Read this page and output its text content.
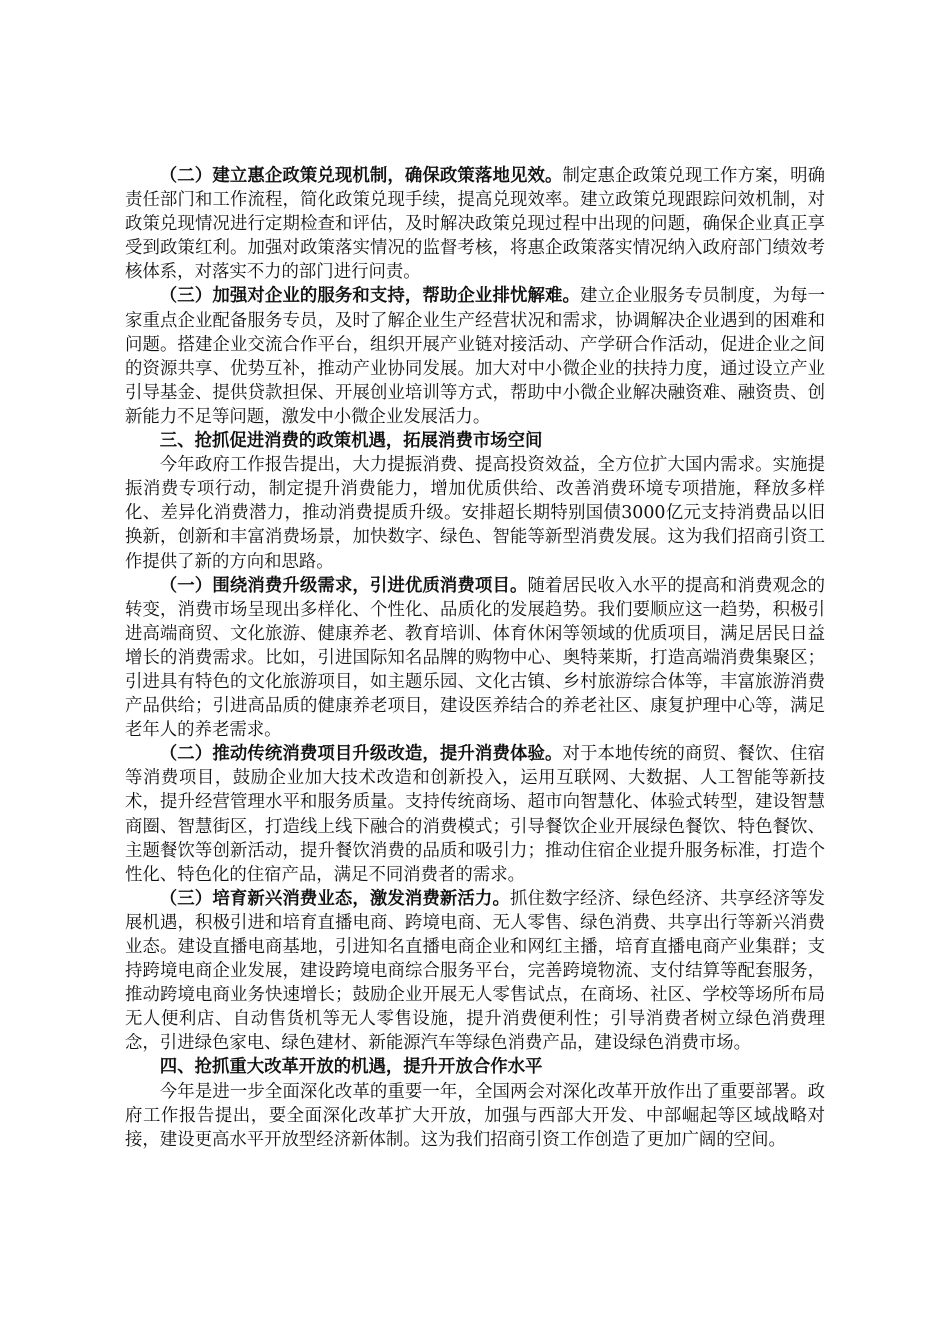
（二）建立惠企政策兑现机制，确保政策落地见效。制定惠企政策兑现工作方案，明确责任部门和工作流程，简化政策兑现手续，提高兑现效率。建立政策兑现跟踪问效机制，对政策兑现情况进行定期检查和评估，及时解决政策兑现过程中出现的问题，确保企业真正享受到政策红利。加强对政策落实情况的监督考核，将惠企政策落实情况纳入政府部门绩效考核体系，对落实不力的部门进行问责。

（三）加强对企业的服务和支持，帮助企业排忧解难。建立企业服务专员制度，为每一家重点企业配备服务专员，及时了解企业生产经营状况和需求，协调解决企业遇到的困难和问题。搭建企业交流合作平台，组织开展产业链对接活动、产学研合作活动，促进企业之间的资源共享、优势互补，推动产业协同发展。加大对中小微企业的扶持力度，通过设立产业引导基金、提供贷款担保、开展创业培训等方式，帮助中小微企业解决融资难、融资贵、创新能力不足等问题，激发中小微企业发展活力。

三、抢抓促进消费的政策机遇，拓展消费市场空间

今年政府工作报告提出，大力提振消费、提高投资效益，全方位扩大国内需求。实施提振消费专项行动，制定提升消费能力，增加优质供给、改善消费环境专项措施，释放多样化、差异化消费潜力，推动消费提质升级。安排超长期特别国债3000亿元支持消费品以旧换新，创新和丰富消费场景，加快数字、绿色、智能等新型消费发展。这为我们招商引资工作提供了新的方向和思路。

（一）围绕消费升级需求，引进优质消费项目。随着居民收入水平的提高和消费观念的转变，消费市场呈现出多样化、个性化、品质化的发展趋势。我们要顺应这一趋势，积极引进高端商贸、文化旅游、健康养老、教育培训、体育休闲等领域的优质项目，满足居民日益增长的消费需求。比如，引进国际知名品牌的购物中心、奥特莱斯，打造高端消费集聚区；引进具有特色的文化旅游项目，如主题乐园、文化古镇、乡村旅游综合体等，丰富旅游消费产品供给；引进高品质的健康养老项目，建设医养结合的养老社区、康复护理中心等，满足老年人的养老需求。

（二）推动传统消费项目升级改造，提升消费体验。对于本地传统的商贸、餐饮、住宿等消费项目，鼓励企业加大技术改造和创新投入，运用互联网、大数据、人工智能等新技术，提升经营管理水平和服务质量。支持传统商场、超市向智慧化、体验式转型，建设智慧商圈、智慧街区，打造线上线下融合的消费模式；引导餐饮企业开展绿色餐饮、特色餐饮、主题餐饮等创新活动，提升餐饮消费的品质和吸引力；推动住宿企业提升服务标准，打造个性化、特色化的住宿产品，满足不同消费者的需求。

（三）培育新兴消费业态，激发消费新活力。抓住数字经济、绿色经济、共享经济等发展机遇，积极引进和培育直播电商、跨境电商、无人零售、绿色消费、共享出行等新兴消费业态。建设直播电商基地，引进知名直播电商企业和网红主播，培育直播电商产业集群；支持跨境电商企业发展，建设跨境电商综合服务平台，完善跨境物流、支付结算等配套服务，推动跨境电商业务快速增长；鼓励企业开展无人零售试点，在商场、社区、学校等场所布局无人便利店、自动售货机等无人零售设施，提升消费便利性；引导消费者树立绿色消费理念，引进绿色家电、绿色建材、新能源汽车等绿色消费产品，建设绿色消费市场。

四、抢抓重大改革开放的机遇，提升开放合作水平

今年是进一步全面深化改革的重要一年，全国两会对深化改革开放作出了重要部署。政府工作报告提出，要全面深化改革扩大开放，加强与西部大开发、中部崛起等区域战略对接，建设更高水平开放型经济新体制。这为我们招商引资工作创造了更加广阔的空间。
